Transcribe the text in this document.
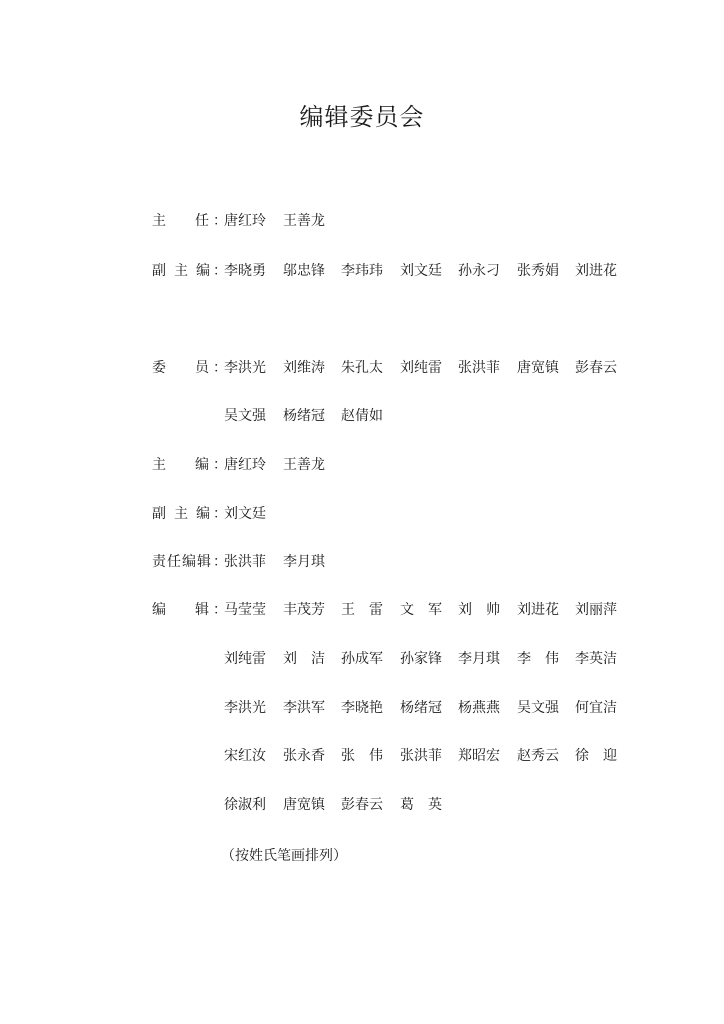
编辑委员会
主 任 ：
唐红玲 王善龙
副 主 编 ：
李晓勇 邬忠锋 李玮玮 刘文廷 孙永刁 张秀娟 刘进花
委 员 ：
李洪光 刘维涛 朱孔太 刘纯雷 张洪菲 唐宽镇 彭春云
吴文强 杨绪冠 赵倩如
主 编 ：
唐红玲 王善龙
副 主 编 ：
刘文廷
责 任 编 辑 ：
张洪菲 李月琪
编 辑 ：
马莹莹 丰茂芳 王　雷 文　军 刘　帅 刘进花 刘丽萍
刘纯雷 刘　洁 孙成军 孙家锋 李月琪 李　伟 李英洁
李洪光 李洪军 李晓艳 杨绪冠 杨燕燕 吴文强 何宜洁
宋红汝 张永香 张　伟 张洪菲 郑昭宏 赵秀云 徐　迎
徐淑利 唐宽镇 彭春云 葛　英
（按姓氏笔画排列）
